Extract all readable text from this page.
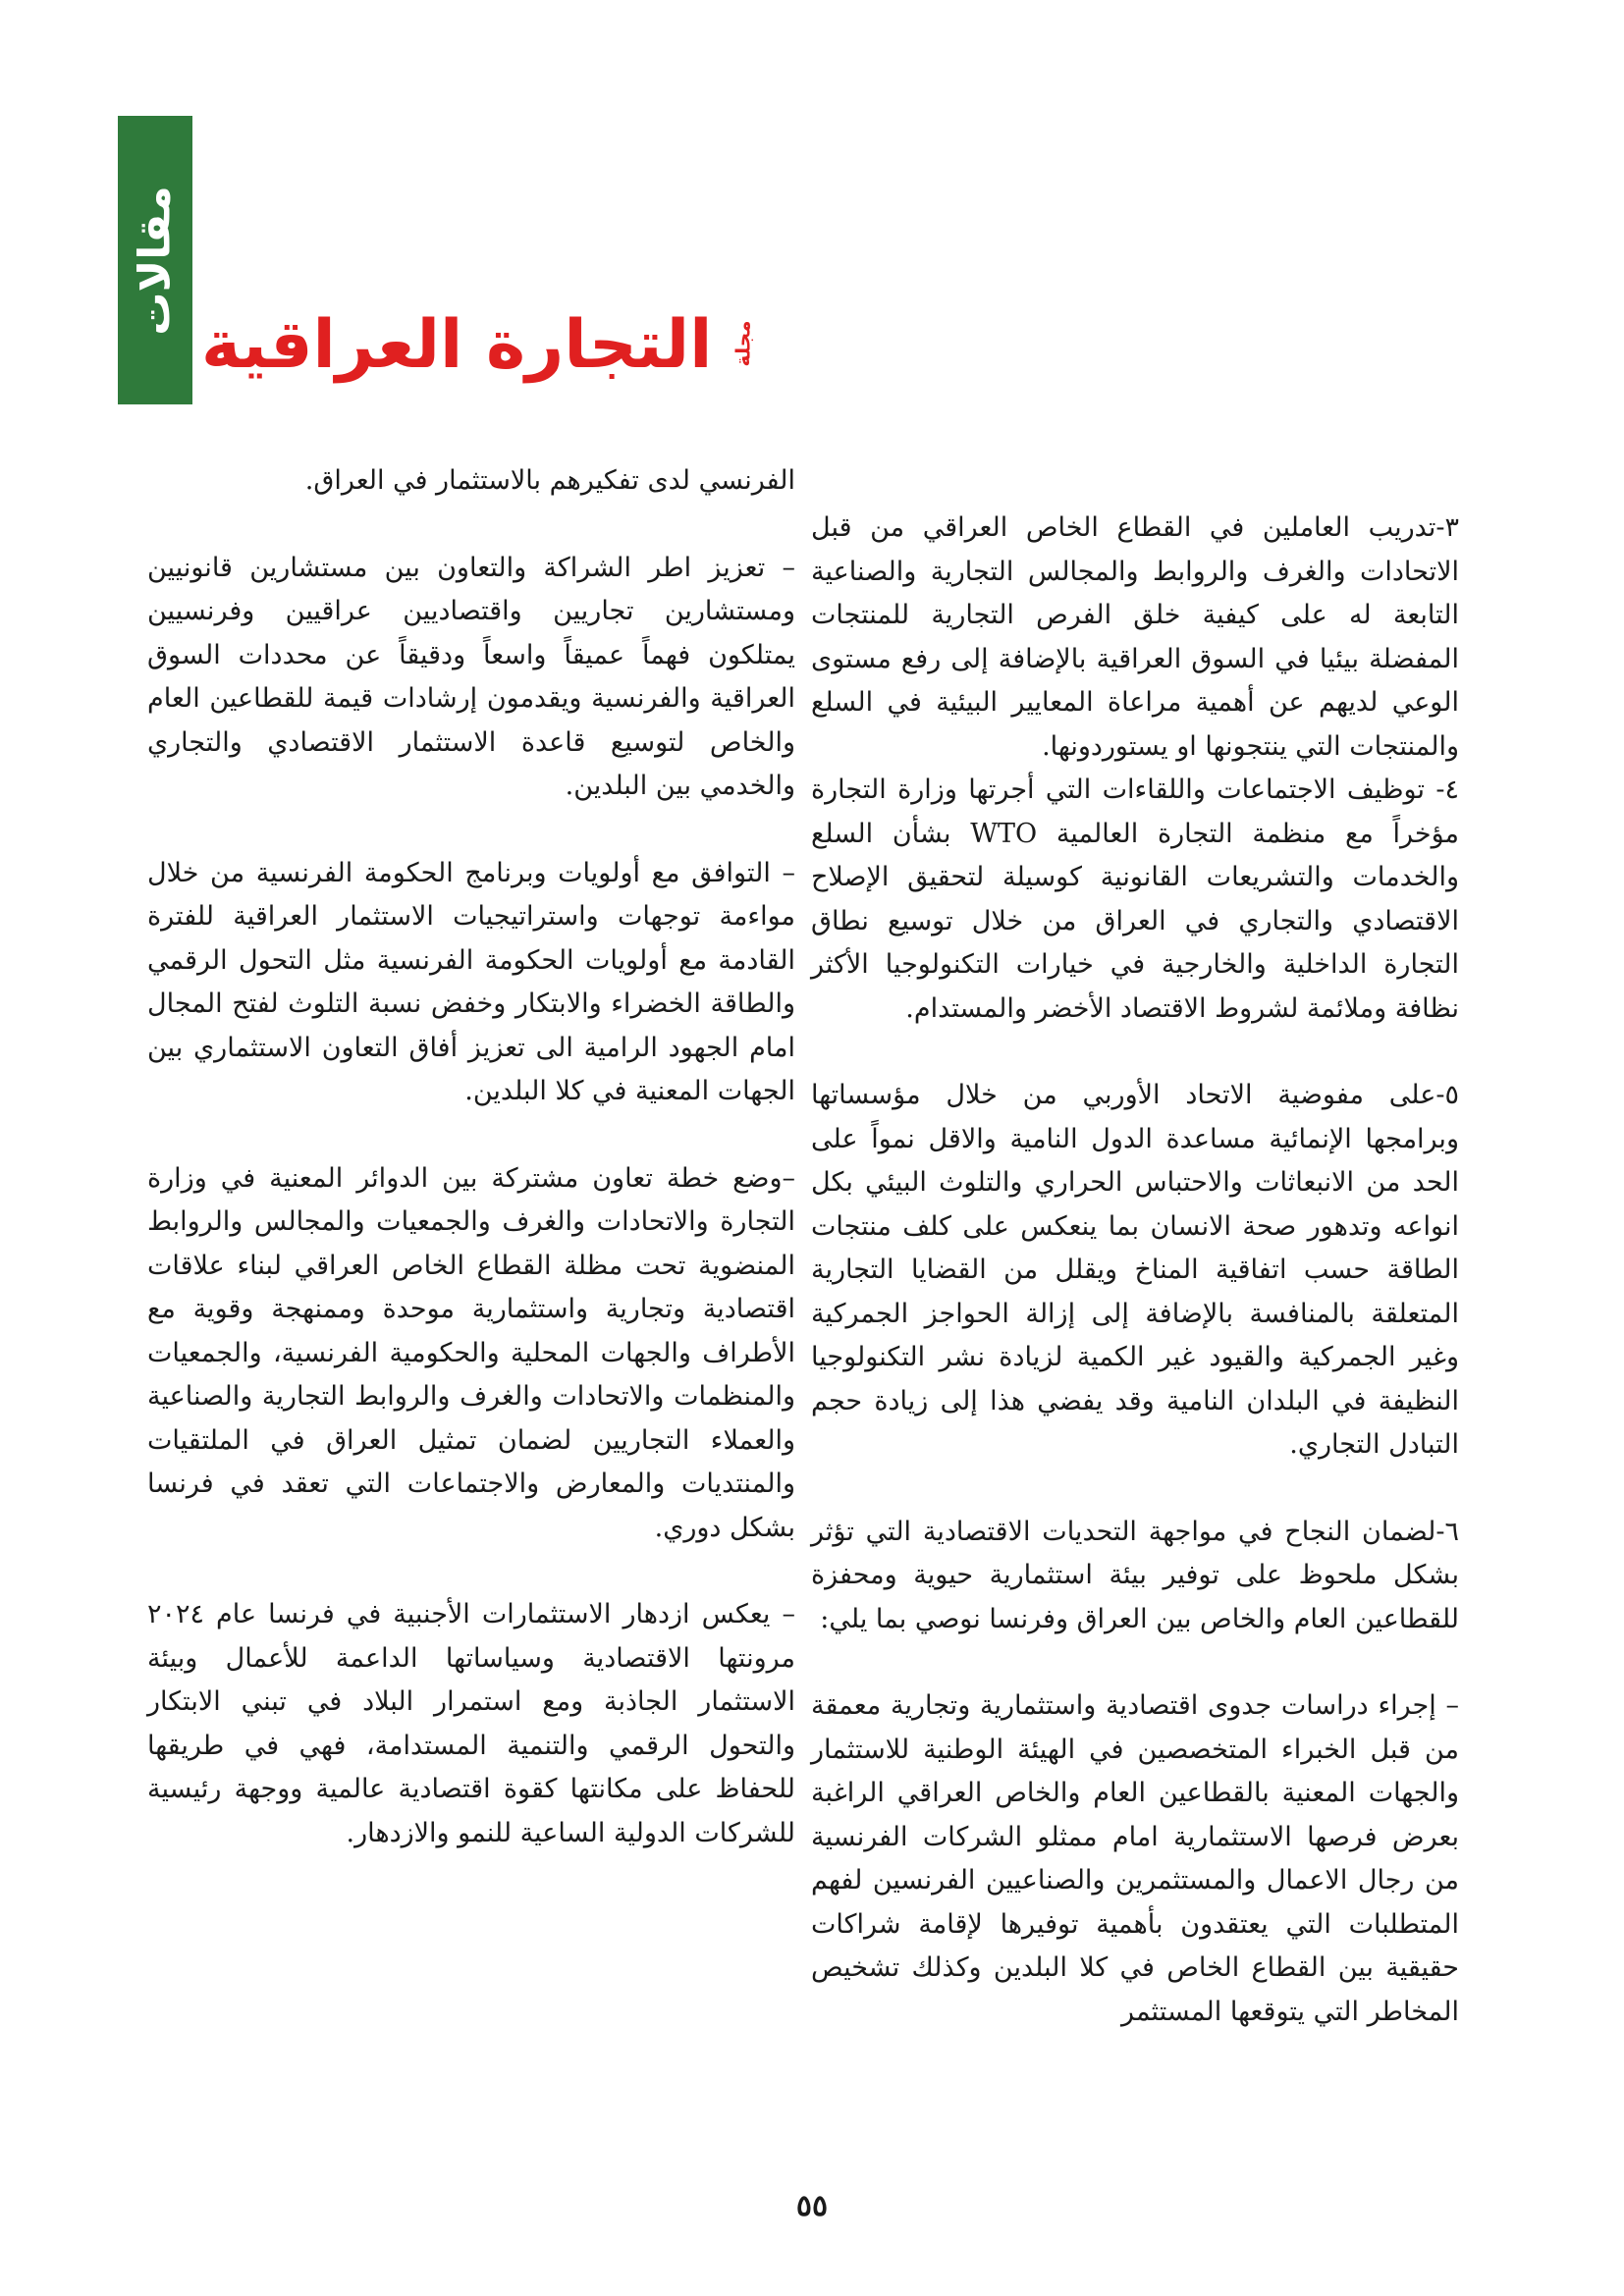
مقالات
مجلة
التجارة العراقية

٣-تدريب العاملين في القطاع الخاص العراقي من قبل الاتحادات والغرف والروابط والمجالس التجارية والصناعية التابعة له على كيفية خلق الفرص التجارية للمنتجات المفضلة بيئيا في السوق العراقية بالإضافة إلى رفع مستوى الوعي لديهم عن أهمية مراعاة المعايير البيئية في السلع والمنتجات التي ينتجونها او يستوردونها.

٤- توظيف الاجتماعات واللقاءات التي أجرتها وزارة التجارة مؤخراً مع منظمة التجارة العالمية WTO بشأن السلع والخدمات والتشريعات القانونية كوسيلة لتحقيق الإصلاح الاقتصادي والتجاري في العراق من خلال توسيع نطاق التجارة الداخلية والخارجية في خيارات التكنولوجيا الأكثر نظافة وملائمة لشروط الاقتصاد الأخضر والمستدام.

٥-على مفوضية الاتحاد الأوربي من خلال مؤسساتها وبرامجها الإنمائية مساعدة الدول النامية والاقل نمواً على الحد من الانبعاثات والاحتباس الحراري والتلوث البيئي بكل انواعه وتدهور صحة الانسان بما ينعكس على كلف منتجات الطاقة حسب اتفاقية المناخ ويقلل من القضايا التجارية المتعلقة بالمنافسة بالإضافة إلى إزالة الحواجز الجمركية وغير الجمركية والقيود غير الكمية لزيادة نشر التكنولوجيا النظيفة في البلدان النامية وقد يفضي هذا إلى زيادة حجم التبادل التجاري.

٦-لضمان النجاح في مواجهة التحديات الاقتصادية التي تؤثر بشكل ملحوظ على توفير بيئة استثمارية حيوية ومحفزة للقطاعين العام والخاص بين العراق وفرنسا نوصي بما يلي:

– إجراء دراسات جدوى اقتصادية واستثمارية وتجارية معمقة من قبل الخبراء المتخصصين في الهيئة الوطنية للاستثمار والجهات المعنية بالقطاعين العام والخاص العراقي الراغبة بعرض فرصها الاستثمارية امام ممثلو الشركات الفرنسية من رجال الاعمال والمستثمرين والصناعيين الفرنسين لفهم المتطلبات التي يعتقدون بأهمية توفيرها لإقامة شراكات حقيقية بين القطاع الخاص في كلا البلدين وكذلك تشخيص المخاطر التي يتوقعها المستثمر

الفرنسي لدى تفكيرهم بالاستثمار في العراق.

– تعزيز اطر الشراكة والتعاون بين مستشارين قانونيين ومستشارين تجاريين واقتصاديين عراقيين وفرنسيين يمتلكون فهماً عميقاً واسعاً ودقيقاً عن محددات السوق العراقية والفرنسية ويقدمون إرشادات قيمة للقطاعين العام والخاص لتوسيع قاعدة الاستثمار الاقتصادي والتجاري والخدمي بين البلدين.

– التوافق مع أولويات وبرنامج الحكومة الفرنسية من خلال مواءمة توجهات واستراتيجيات الاستثمار العراقية للفترة القادمة مع أولويات الحكومة الفرنسية مثل التحول الرقمي والطاقة الخضراء والابتكار وخفض نسبة التلوث لفتح المجال امام الجهود الرامية الى تعزيز أفاق التعاون الاستثماري بين الجهات المعنية في كلا البلدين.

–وضع خطة تعاون مشتركة بين الدوائر المعنية في وزارة التجارة والاتحادات والغرف والجمعيات والمجالس والروابط المنضوية تحت مظلة القطاع الخاص العراقي لبناء علاقات اقتصادية وتجارية واستثمارية موحدة وممنهجة وقوية مع الأطراف والجهات المحلية والحكومية الفرنسية، والجمعيات والمنظمات والاتحادات والغرف والروابط التجارية والصناعية والعملاء التجاريين لضمان تمثيل العراق في الملتقيات والمنتديات والمعارض والاجتماعات التي تعقد في فرنسا بشكل دوري.

– يعكس ازدهار الاستثمارات الأجنبية في فرنسا عام ٢٠٢٤ مرونتها الاقتصادية وسياساتها الداعمة للأعمال وبيئة الاستثمار الجاذبة ومع استمرار البلاد في تبني الابتكار والتحول الرقمي والتنمية المستدامة، فهي في طريقها للحفاظ على مكانتها كقوة اقتصادية عالمية ووجهة رئيسية للشركات الدولية الساعية للنمو والازدهار.

٥٥
